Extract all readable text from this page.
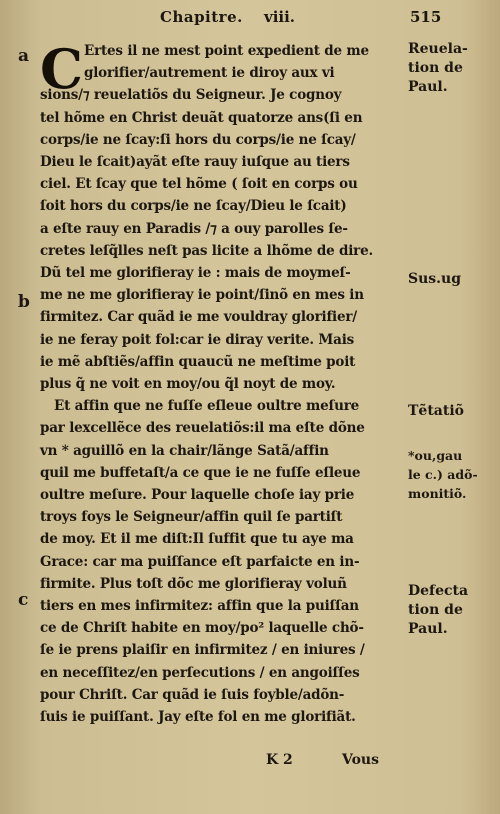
Chapitre. viii.	515
a
b
c
C Ertes il ne mest point expedient de me
glorifier/autrement ie diroy aux vi
sions/⁊ reuelatiõs du Seigneur. Je cognoy
tel hõme en Christ deuãt quatorze ans(ſi en
corps/ie ne ſcay:ſi hors du corps/ie ne ſcay/
Dieu le ſcait)ayãt eſte rauy iuſque au tiers
ciel. Et ſcay que tel hõme ( ſoit en corps ou
ſoit hors du corps/ie ne ſcay/Dieu le ſcait)
a eſte rauy en Paradis /⁊ a ouy parolles ſe-
cretes leſq̃lles neſt pas licite a lhõme de dire.
Dũ tel me glorifieray ie : mais de moymeſ-
me ne me glorifieray ie point/ſinõ en mes in
firmitez. Car quãd ie me vouldray glorifier/
ie ne feray poit fol:car ie diray verite. Mais
ie mẽ abſtiẽs/affin quaucũ ne meſtime poit
plus q̃ ne voit en moy/ou q̃l noyt de moy.
Et affin que ne fuſſe eſleue oultre meſure
par lexcellẽce des reuelatiõs:il ma eſte dõne
vn * aguillõ en la chair/lãnge Satã/affin
quil me buffetaſt/a ce que ie ne fuſſe eſleue
oultre meſure. Pour laquelle choſe iay prie
troys foys le Seigneur/affin quil ſe partiſt
de moy. Et il me diſt:Il ſuffit que tu aye ma
Grace: car ma puiſſance eſt parfaicte en in-
firmite. Plus toſt dõc me glorifieray voluñ
tiers en mes infirmitez: affin que la puiſſan
ce de Chriſt habite en moy/po² laquelle chõ-
ſe ie prens plaiſir en infirmitez / en iniures /
en neceſſitez/en perſecutions / en angoiſſes
pour Chriſt. Car quãd ie ſuis foyble/adõn-
ſuis ie puiſſant. Jay eſte fol en me glorifiãt.
Reuela-
tion de
Paul.
Sus.ug
Tẽtatiõ
*ou,gau
le c.) adõ-
monitiõ.
Defecta
tion de
Paul.
K 2	Vous
